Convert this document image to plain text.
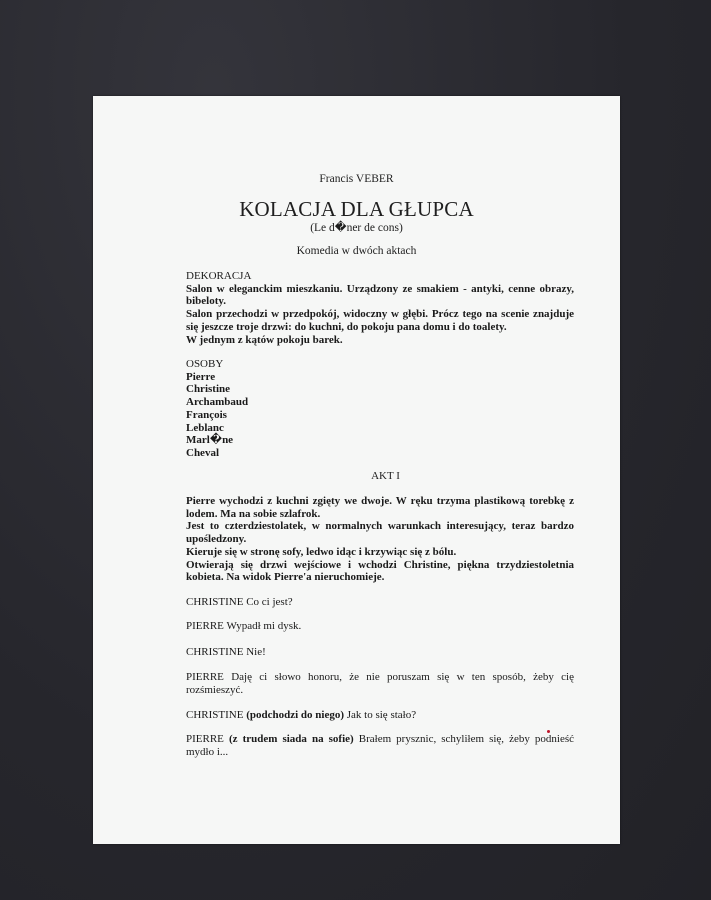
Francis VEBER

KOLACJA DLA GŁUPCA

(Le d�ner de cons)

Komedia w dwóch aktach

DEKORACJA
Salon w eleganckim mieszkaniu. Urządzony ze smakiem - antyki, cenne obrazy, bibeloty.
Salon przechodzi w przedpokój, widoczny w głębi. Prócz tego na scenie znajduje się jeszcze troje drzwi: do kuchni, do pokoju pana domu i do toalety.
W jednym z kątów pokoju barek.
OSOBY
Pierre
Christine
Archambaud
François
Leblanc
Marl�ne
Cheval
AKT I
Pierre wychodzi z kuchni zgięty we dwoje. W ręku trzyma plastikową torebkę z lodem. Ma na sobie szlafrok.
Jest to czterdziestolatek, w normalnych warunkach interesujący, teraz bardzo upośledzony.
Kieruje się w stronę sofy, ledwo idąc i krzywiąc się z bólu.
Otwierają się drzwi wejściowe i wchodzi Christine, piękna trzydziestoletnia kobieta. Na widok Pierre'a nieruchomieje.

CHRISTINE Co ci jest?

PIERRE Wypadł mi dysk.

CHRISTINE Nie!

PIERRE Daję ci słowo honoru, że nie poruszam się w ten sposób, żeby cię rozśmieszyć.

CHRISTINE (podchodzi do niego) Jak to się stało?

PIERRE (z trudem siada na sofie) Brałem prysznic, schyliłem się, żeby podnieść mydło i...
